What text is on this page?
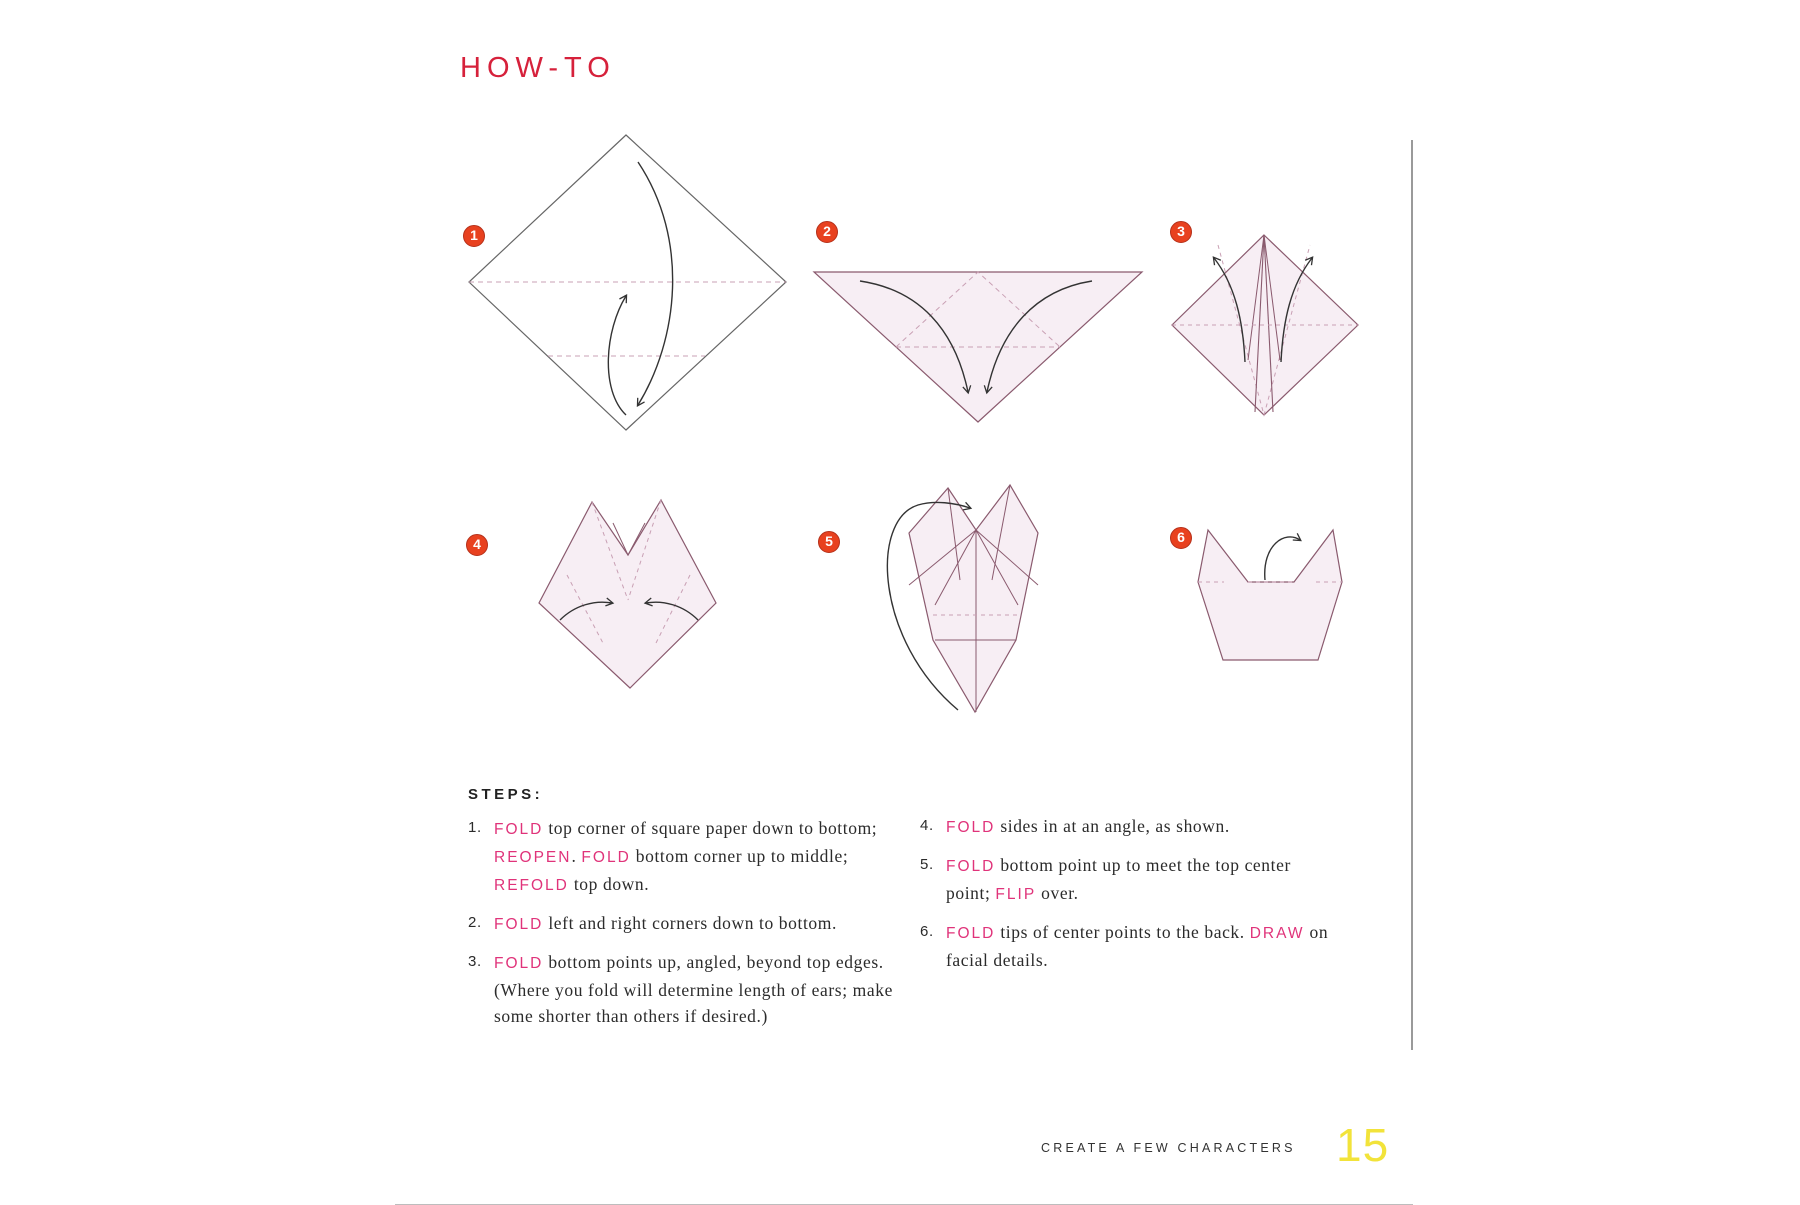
HOW-TO
1	2	3
4	5	6
STEPS:
1. FOLD top corner of square paper down to bottom; REOPEN. FOLD bottom corner up to middle; REFOLD top down.
2. FOLD left and right corners down to bottom.
3. FOLD bottom points up, angled, beyond top edges. (Where you fold will determine length of ears; make some shorter than others if desired.)
4. FOLD sides in at an angle, as shown.
5. FOLD bottom point up to meet the top center point; FLIP over.
6. FOLD tips of center points to the back. DRAW on facial details.
CREATE A FEW CHARACTERS 15
